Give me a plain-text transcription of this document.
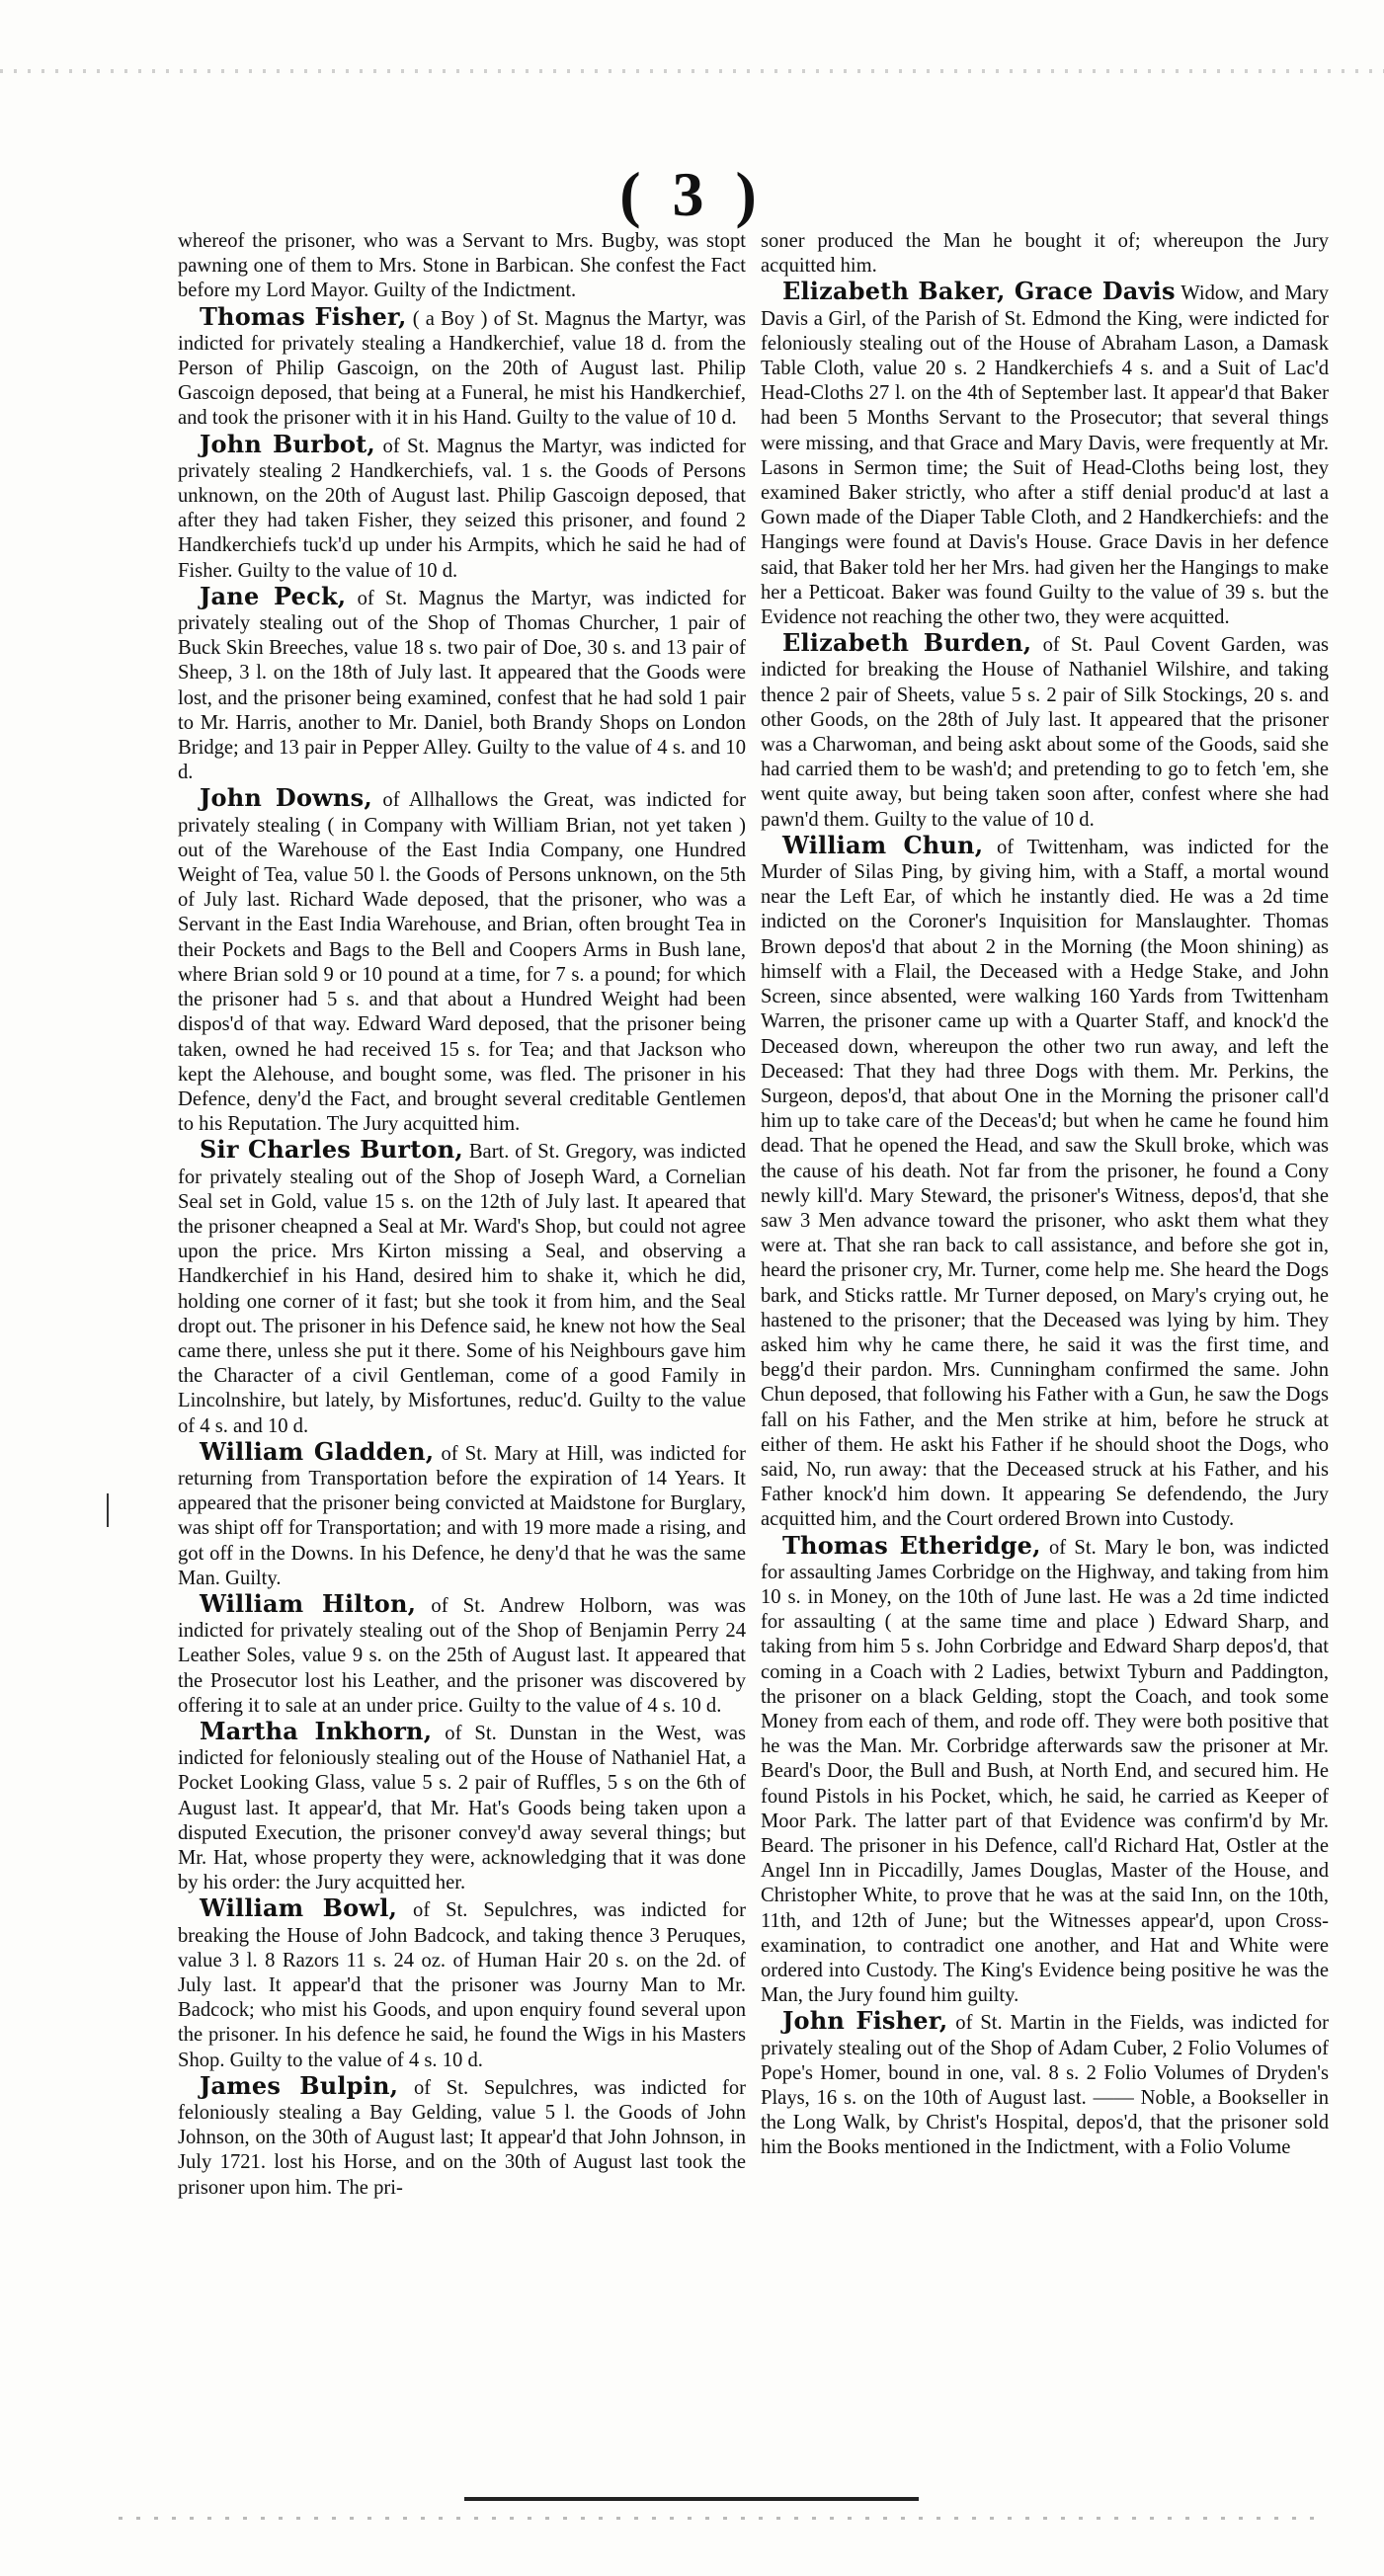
( 3 )

whereof the prisoner, who was a Servant to Mrs. Bugby, was stopt pawning one of them to Mrs. Stone in Barbican. She confest the Fact before my Lord Mayor. Guilty of the Indictment.

Thomas Fisher, ( a Boy ) of St. Magnus the Martyr, was indicted for privately stealing a Handkerchief, value 18 d. from the Person of Philip Gascoign, on the 20th of August last. Philip Gascoign deposed, that being at a Funeral, he mist his Handkerchief, and took the prisoner with it in his Hand. Guilty to the value of 10 d.

John Burbot, of St. Magnus the Martyr, was indicted for privately stealing 2 Handkerchiefs, val. 1 s. the Goods of Persons unknown, on the 20th of August last. Philip Gascoign deposed, that after they had taken Fisher, they seized this prisoner, and found 2 Handkerchiefs tuck'd up under his Armpits, which he said he had of Fisher. Guilty to the value of 10 d.

Jane Peck, of St. Magnus the Martyr, was indicted for privately stealing out of the Shop of Thomas Churcher, 1 pair of Buck Skin Breeches, value 18 s. two pair of Doe, 30 s. and 13 pair of Sheep, 3 l. on the 18th of July last. It appeared that the Goods were lost, and the prisoner being examined, confest that he had sold 1 pair to Mr. Harris, another to Mr. Daniel, both Brandy Shops on London Bridge; and 13 pair in Pepper Alley. Guilty to the value of 4 s. and 10 d.

John Downs, of Allhallows the Great, was indicted for privately stealing ( in Company with William Brian, not yet taken ) out of the Warehouse of the East India Company, one Hundred Weight of Tea, value 50 l. the Goods of Persons unknown, on the 5th of July last. Richard Wade deposed, that the prisoner, who was a Servant in the East India Warehouse, and Brian, often brought Tea in their Pockets and Bags to the Bell and Coopers Arms in Bush lane, where Brian sold 9 or 10 pound at a time, for 7 s. a pound; for which the prisoner had 5 s. and that about a Hundred Weight had been dispos'd of that way. Edward Ward deposed, that the prisoner being taken, owned he had received 15 s. for Tea; and that Jackson who kept the Alehouse, and bought some, was fled. The prisoner in his Defence, deny'd the Fact, and brought several creditable Gentlemen to his Reputation. The Jury acquitted him.

Sir Charles Burton, Bart. of St. Gregory, was indicted for privately stealing out of the Shop of Joseph Ward, a Cornelian Seal set in Gold, value 15 s. on the 12th of July last. It apeared that the prisoner cheapned a Seal at Mr. Ward's Shop, but could not agree upon the price. Mrs Kirton missing a Seal, and observing a Handkerchief in his Hand, desired him to shake it, which he did, holding one corner of it fast; but she took it from him, and the Seal dropt out. The prisoner in his Defence said, he knew not how the Seal came there, unless she put it there. Some of his Neighbours gave him the Character of a civil Gentleman, come of a good Family in Lincolnshire, but lately, by Misfortunes, reduc'd. Guilty to the value of 4 s. and 10 d.

William Gladden, of St. Mary at Hill, was indicted for returning from Transportation before the expiration of 14 Years. It appeared that the prisoner being convicted at Maidstone for Burglary, was shipt off for Transportation; and with 19 more made a rising, and got off in the Downs. In his Defence, he deny'd that he was the same Man. Guilty.

William Hilton, of St. Andrew Holborn, was was indicted for privately stealing out of the Shop of Benjamin Perry 24 Leather Soles, value 9 s. on the 25th of August last. It appeared that the Prosecutor lost his Leather, and the prisoner was discovered by offering it to sale at an under price. Guilty to the value of 4 s. 10 d.

Martha Inkhorn, of St. Dunstan in the West, was indicted for feloniously stealing out of the House of Nathaniel Hat, a Pocket Looking Glass, value 5 s. 2 pair of Ruffles, 5 s on the 6th of August last. It appear'd, that Mr. Hat's Goods being taken upon a disputed Execution, the prisoner convey'd away several things; but Mr. Hat, whose property they were, acknowledging that it was done by his order: the Jury acquitted her.

William Bowl, of St. Sepulchres, was indicted for breaking the House of John Badcock, and taking thence 3 Peruques, value 3 l. 8 Razors 11 s. 24 oz. of Human Hair 20 s. on the 2d. of July last. It appear'd that the prisoner was Journy Man to Mr. Badcock; who mist his Goods, and upon enquiry found several upon the prisoner. In his defence he said, he found the Wigs in his Masters Shop. Guilty to the value of 4 s. 10 d.

James Bulpin, of St. Sepulchres, was indicted for feloniously stealing a Bay Gelding, value 5 l. the Goods of John Johnson, on the 30th of August last; It appear'd that John Johnson, in July 1721. lost his Horse, and on the 30th of August last took the prisoner upon him. The pri-

soner produced the Man he bought it of; whereupon the Jury acquitted him.

Elizabeth Baker, Grace Davis Widow, and Mary Davis a Girl, of the Parish of St. Edmond the King, were indicted for feloniously stealing out of the House of Abraham Lason, a Damask Table Cloth, value 20 s. 2 Handkerchiefs 4 s. and a Suit of Lac'd Head-Cloths 27 l. on the 4th of September last. It appear'd that Baker had been 5 Months Servant to the Prosecutor; that several things were missing, and that Grace and Mary Davis, were frequently at Mr. Lasons in Sermon time; the Suit of Head-Cloths being lost, they examined Baker strictly, who after a stiff denial produc'd at last a Gown made of the Diaper Table Cloth, and 2 Handkerchiefs: and the Hangings were found at Davis's House. Grace Davis in her defence said, that Baker told her her Mrs. had given her the Hangings to make her a Petticoat. Baker was found Guilty to the value of 39 s. but the Evidence not reaching the other two, they were acquitted.

Elizabeth Burden, of St. Paul Covent Garden, was indicted for breaking the House of Nathaniel Wilshire, and taking thence 2 pair of Sheets, value 5 s. 2 pair of Silk Stockings, 20 s. and other Goods, on the 28th of July last. It appeared that the prisoner was a Charwoman, and being askt about some of the Goods, said she had carried them to be wash'd; and pretending to go to fetch 'em, she went quite away, but being taken soon after, confest where she had pawn'd them. Guilty to the value of 10 d.

William Chun, of Twittenham, was indicted for the Murder of Silas Ping, by giving him, with a Staff, a mortal wound near the Left Ear, of which he instantly died. He was a 2d time indicted on the Coroner's Inquisition for Manslaughter. Thomas Brown depos'd that about 2 in the Morning (the Moon shining) as himself with a Flail, the Deceased with a Hedge Stake, and John Screen, since absented, were walking 160 Yards from Twittenham Warren, the prisoner came up with a Quarter Staff, and knock'd the Deceased down, whereupon the other two run away, and left the Deceased: That they had three Dogs with them. Mr. Perkins, the Surgeon, depos'd, that about One in the Morning the prisoner call'd him up to take care of the Deceas'd; but when he came he found him dead. That he opened the Head, and saw the Skull broke, which was the cause of his death. Not far from the prisoner, he found a Cony newly kill'd. Mary Steward, the prisoner's Witness, depos'd, that she saw 3 Men advance toward the prisoner, who askt them what they were at. That she ran back to call assistance, and before she got in, heard the prisoner cry, Mr. Turner, come help me. She heard the Dogs bark, and Sticks rattle. Mr Turner deposed, on Mary's crying out, he hastened to the prisoner; that the Deceased was lying by him. They asked him why he came there, he said it was the first time, and begg'd their pardon. Mrs. Cunningham confirmed the same. John Chun deposed, that following his Father with a Gun, he saw the Dogs fall on his Father, and the Men strike at him, before he struck at either of them. He askt his Father if he should shoot the Dogs, who said, No, run away: that the Deceased struck at his Father, and his Father knock'd him down. It appearing Se defendendo, the Jury acquitted him, and the Court ordered Brown into Custody.

Thomas Etheridge, of St. Mary le bon, was indicted for assaulting James Corbridge on the Highway, and taking from him 10 s. in Money, on the 10th of June last. He was a 2d time indicted for assaulting ( at the same time and place ) Edward Sharp, and taking from him 5 s. John Corbridge and Edward Sharp depos'd, that coming in a Coach with 2 Ladies, betwixt Tyburn and Paddington, the prisoner on a black Gelding, stopt the Coach, and took some Money from each of them, and rode off. They were both positive that he was the Man. Mr. Corbridge afterwards saw the prisoner at Mr. Beard's Door, the Bull and Bush, at North End, and secured him. He found Pistols in his Pocket, which, he said, he carried as Keeper of Moor Park. The latter part of that Evidence was confirm'd by Mr. Beard. The prisoner in his Defence, call'd Richard Hat, Ostler at the Angel Inn in Piccadilly, James Douglas, Master of the House, and Christopher White, to prove that he was at the said Inn, on the 10th, 11th, and 12th of June; but the Witnesses appear'd, upon Cross-examination, to contradict one another, and Hat and White were ordered into Custody. The King's Evidence being positive he was the Man, the Jury found him guilty.

John Fisher, of St. Martin in the Fields, was indicted for privately stealing out of the Shop of Adam Cuber, 2 Folio Volumes of Pope's Homer, bound in one, val. 8 s. 2 Folio Volumes of Dryden's Plays, 16 s. on the 10th of August last. —— Noble, a Bookseller in the Long Walk, by Christ's Hospital, depos'd, that the prisoner sold him the Books mentioned in the Indictment, with a Folio Volume
